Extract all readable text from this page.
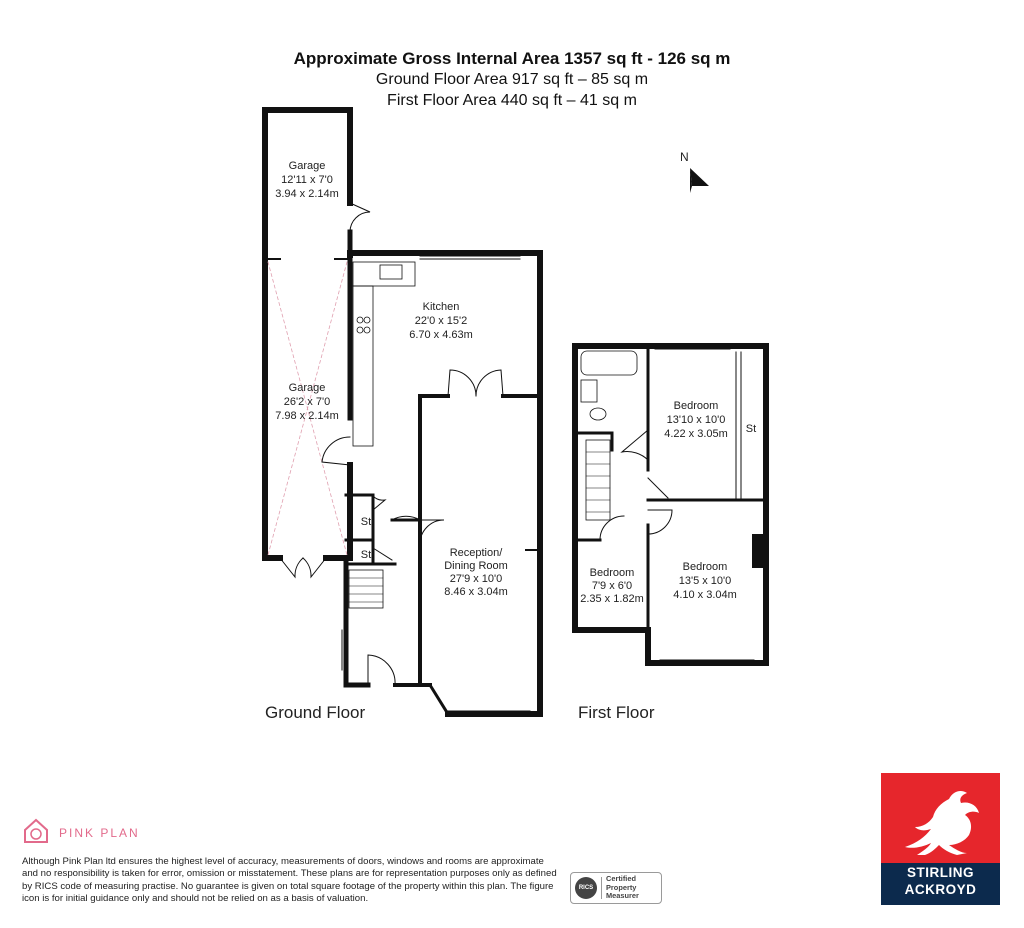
Approximate Gross Internal Area 1357 sq ft - 126 sq m
Ground Floor Area 917 sq ft – 85 sq m
First Floor Area 440 sq ft – 41 sq m
N
Garage
12'11 x 7'0
3.94 x 2.14m
Garage
26'2 x 7'0
7.98 x 2.14m
Kitchen
22'0 x 15'2
6.70 x 4.63m
St
St	Reception/
Dining Room
27'9 x 10'0
8.46 x 3.04m
Bedroom
13'10 x 10'0
4.22 x 3.05m St
Bedroom
7'9 x 6'0
2.35 x 1.82m
Bedroom
13'5 x 10'0
4.10 x 3.04m
Ground Floor	First Floor
PINK PLAN
Although Pink Plan ltd ensures the highest level of accuracy, measurements of doors, windows and rooms are approximate and no responsibility is taken for error, omission or misstatement. These plans are for representation purposes only as defined by RICS code of measuring practise. No guarantee is given on total square footage of the property within this plan. The figure icon is for initial guidance only and should not be relied on as a basis of valuation.
RICS
Certified
Property
Measurer
STIRLING
ACKROYD
